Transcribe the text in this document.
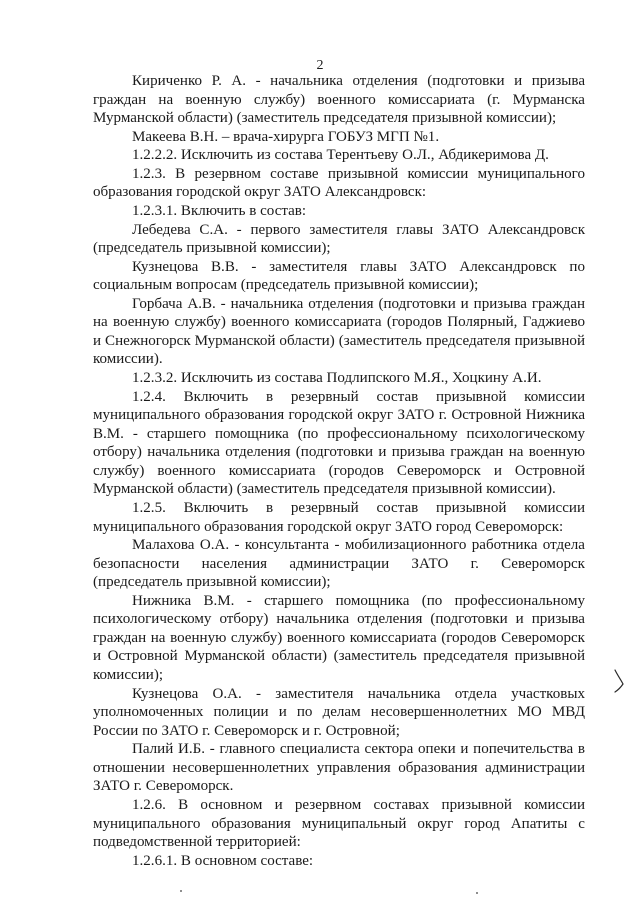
2

Кириченко Р. А. - начальника отделения (подготовки и призыва граждан на военную службу) военного комиссариата (г. Мурманска Мурманской области) (заместитель председателя призывной комиссии);

Макеева В.Н. – врача-хирурга ГОБУЗ МГП №1.

1.2.2.2. Исключить из состава Терентьеву О.Л., Абдикеримова Д.

1.2.3. В резервном составе призывной комиссии муниципального образования городской округ ЗАТО Александровск:

1.2.3.1. Включить в состав:

Лебедева С.А. - первого заместителя главы ЗАТО Александровск (председатель призывной комиссии);

Кузнецова В.В. - заместителя главы ЗАТО Александровск по социальным вопросам (председатель призывной комиссии);

Горбача А.В. - начальника отделения (подготовки и призыва граждан на военную службу) военного комиссариата (городов Полярный, Гаджиево и Снежногорск Мурманской области) (заместитель председателя призывной комиссии).

1.2.3.2. Исключить из состава Подлипского М.Я., Хоцкину А.И.

1.2.4. Включить в резервный состав призывной комиссии муниципального образования городской округ ЗАТО г. Островной Нижника В.М. - старшего помощника (по профессиональному психологическому отбору) начальника отделения (подготовки и призыва граждан на военную службу) военного комиссариата (городов Североморск и Островной Мурманской области) (заместитель председателя призывной комиссии).

1.2.5. Включить в резервный состав призывной комиссии муниципального образования городской округ ЗАТО город Североморск:

Малахова О.А. - консультанта - мобилизационного работника отдела безопасности населения администрации ЗАТО г. Североморск (председатель призывной комиссии);

Нижника В.М. - старшего помощника (по профессиональному психологическому отбору) начальника отделения (подготовки и призыва граждан на военную службу) военного комиссариата (городов Североморск и Островной Мурманской области) (заместитель председателя призывной комиссии);

Кузнецова О.А. - заместителя начальника отдела участковых уполномоченных полиции и по делам несовершеннолетних МО МВД России по ЗАТО г. Североморск и г. Островной;

Палий И.Б. - главного специалиста сектора опеки и попечительства в отношении несовершеннолетних управления образования администрации ЗАТО г. Североморск.

1.2.6. В основном и резервном составах призывной комиссии муниципального образования муниципальный округ город Апатиты с подведомственной территорией:

1.2.6.1. В основном составе:
